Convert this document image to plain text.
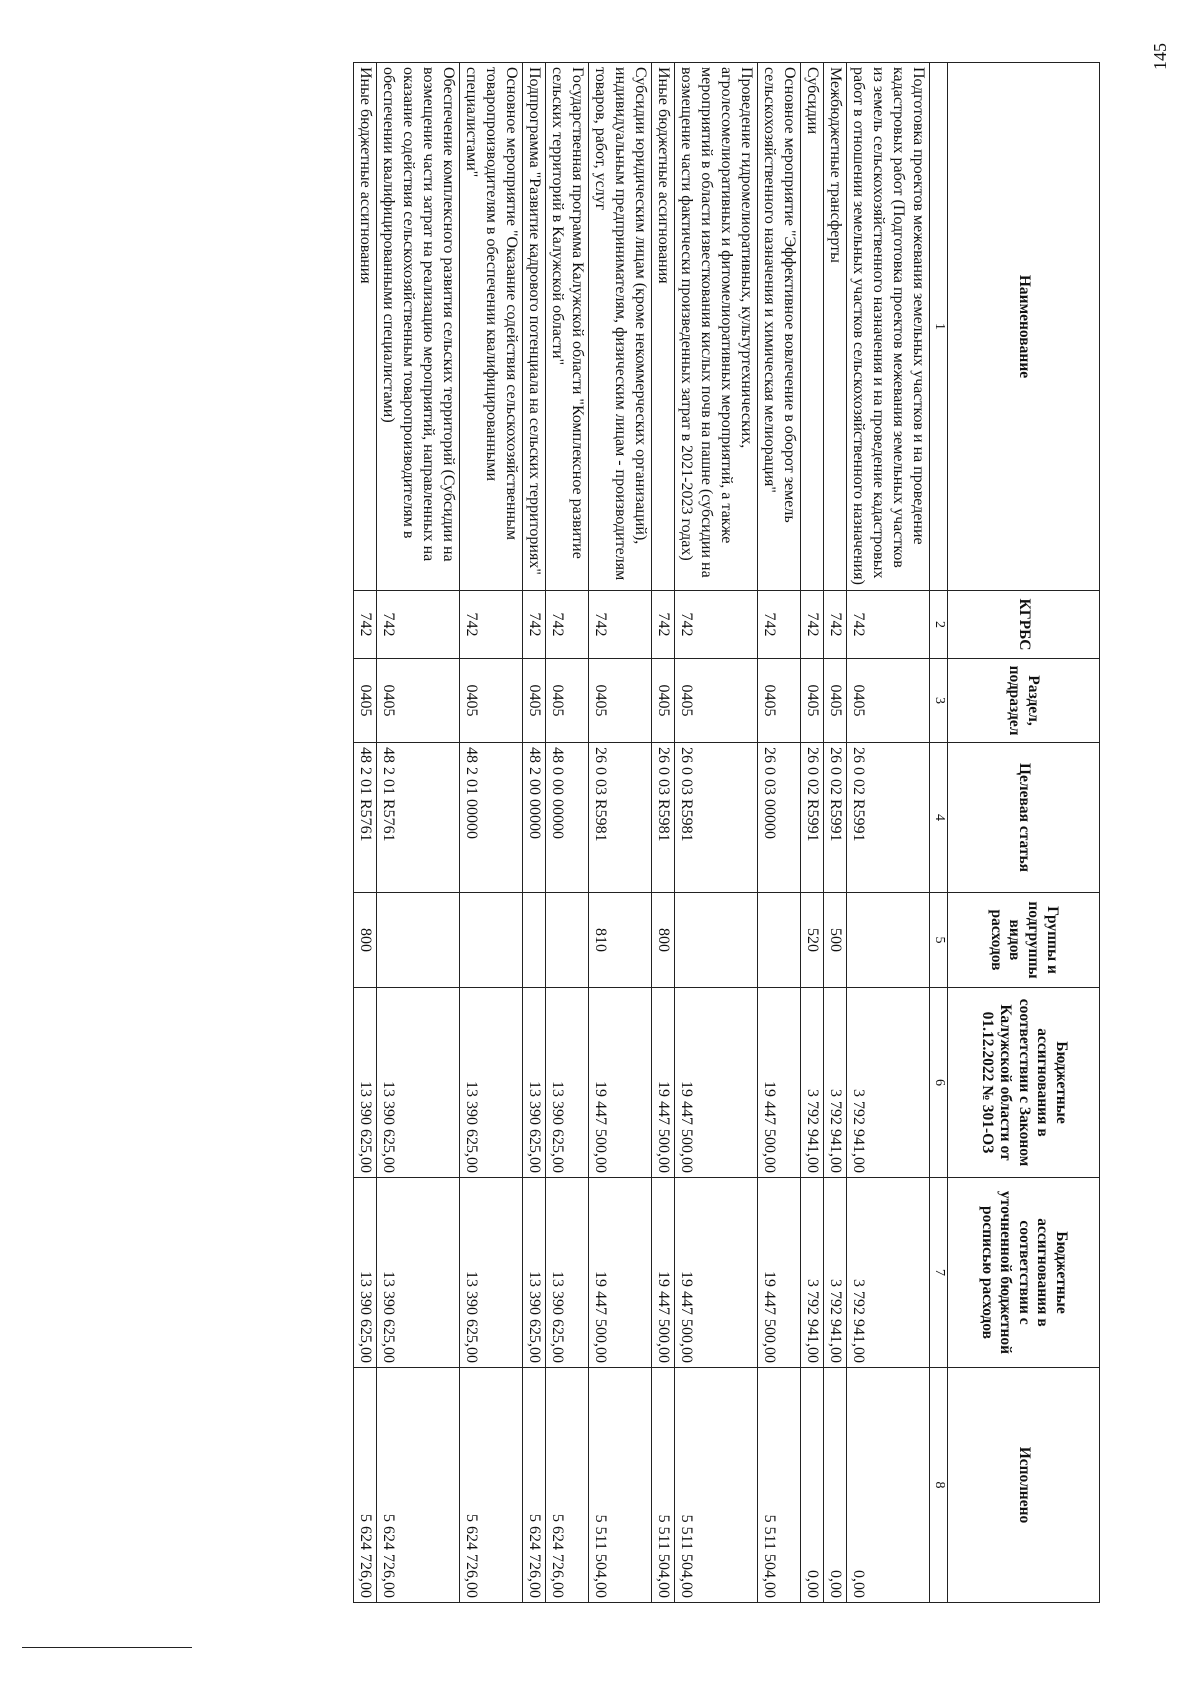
145
Наименование	КГРБС	Раздел, подраздел	Целевая статья	Группы и подгруппы видов расходов	Бюджетные ассигнования в соответствии с Законом Калужской области от 01.12.2022 № 301-ОЗ	Бюджетные ассигнования в соответствии с уточненной бюджетной росписью расходов	Исполнено
1	2	3	4	5	6	7	8
Подготовка проектов межевания земельных участков и на проведение кадастровых работ (Подготовка проектов межевания земельных участков из земель сельскохозяйственного назначения и на проведение кадастровых работ в отношении земельных участков сельскохозяйственного назначения)	742	0405	26 0 02 R5991		3 792 941,00	3 792 941,00	0,00
Межбюджетные трансферты	742	0405	26 0 02 R5991	500	3 792 941,00	3 792 941,00	0,00
Субсидии	742	0405	26 0 02 R5991	520	3 792 941,00	3 792 941,00	0,00
Основное мероприятие "Эффективное вовлечение в оборот земель сельскохозяйственного назначения и химическая мелиорация"	742	0405	26 0 03 00000		19 447 500,00	19 447 500,00	5 511 504,00
Проведение гидромелиоративных, культуртехнических, агролесомелиоративных и фитомелиоративных мероприятий, а также мероприятий в области известкования кислых почв на пашне (субсидии на возмещение части фактически произведенных затрат в 2021-2023 годах)	742	0405	26 0 03 R5981		19 447 500,00	19 447 500,00	5 511 504,00
Иные бюджетные ассигнования	742	0405	26 0 03 R5981	800	19 447 500,00	19 447 500,00	5 511 504,00
Субсидии юридическим лицам (кроме некоммерческих организаций), индивидуальным предпринимателям, физическим лицам - производителям товаров, работ, услуг	742	0405	26 0 03 R5981	810	19 447 500,00	19 447 500,00	5 511 504,00
Государственная программа Калужской области "Комплексное развитие сельских территорий в Калужской области"	742	0405	48 0 00 00000		13 390 625,00	13 390 625,00	5 624 726,00
Подпрограмма "Развитие кадрового потенциала на сельских территориях"	742	0405	48 2 00 00000		13 390 625,00	13 390 625,00	5 624 726,00
Основное мероприятие "Оказание содействия сельскохозяйственным товаропроизводителям в обеспечении квалифицированными специалистами"	742	0405	48 2 01 00000		13 390 625,00	13 390 625,00	5 624 726,00
Обеспечение комплексного развития сельских территорий (Субсидии на возмещение части затрат на реализацию мероприятий, направленных на оказание содействия сельскохозяйственным товаропроизводителям в обеспечении квалифицированными специалистами)	742	0405	48 2 01 R5761		13 390 625,00	13 390 625,00	5 624 726,00
Иные бюджетные ассигнования	742	0405	48 2 01 R5761	800	13 390 625,00	13 390 625,00	5 624 726,00
